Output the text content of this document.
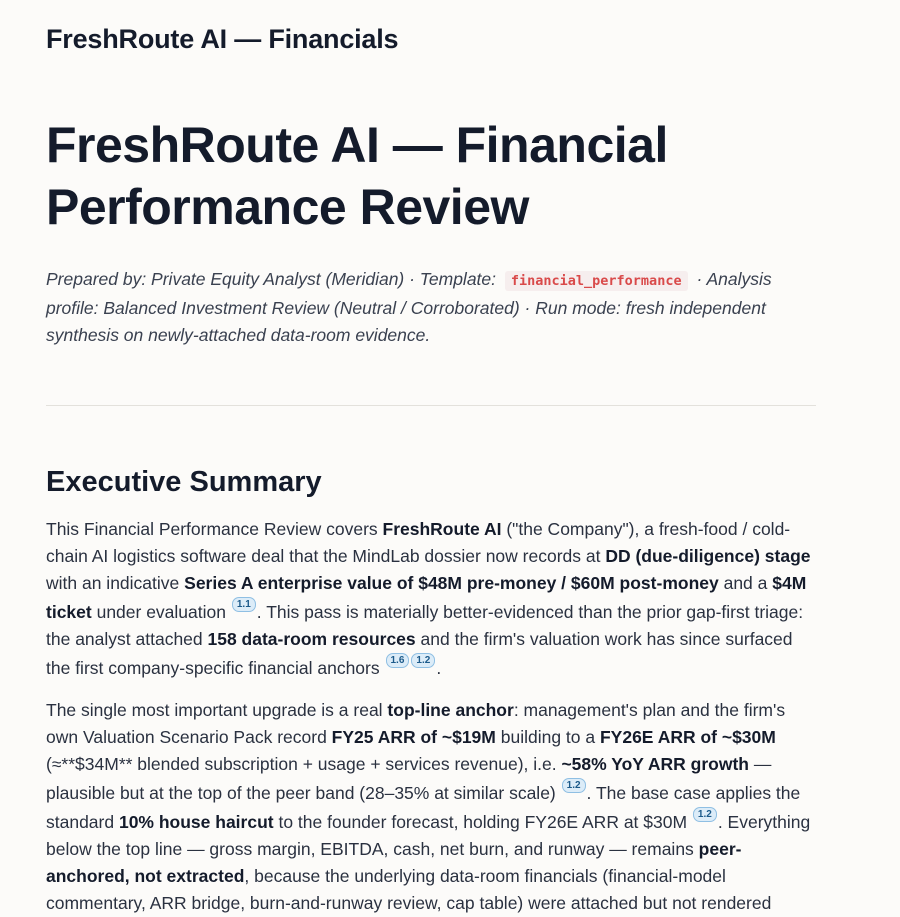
FreshRoute AI — Financials
FreshRoute AI — Financial Performance Review

Prepared by: Private Equity Analyst (Meridian) · Template: financial_performance · Analysis profile: Balanced Investment Review (Neutral / Corroborated) · Run mode: fresh independent synthesis on newly-attached data-room evidence.

Executive Summary

This Financial Performance Review covers FreshRoute AI ("the Company"), a fresh-food / cold-chain AI logistics software deal that the MindLab dossier now records at DD (due-diligence) stage with an indicative Series A enterprise value of $48M pre-money / $60M post-money and a $4M ticket under evaluation 1.1 . This pass is materially better-evidenced than the prior gap-first triage: the analyst attached 158 data-room resources and the firm's valuation work has since surfaced the first company-specific financial anchors 1.6 1.2 .

The single most important upgrade is a real top-line anchor: management's plan and the firm's own Valuation Scenario Pack record FY25 ARR of ~$19M building to a FY26E ARR of ~$30M (≈**$34M** blended subscription + usage + services revenue), i.e. ~58% YoY ARR growth — plausible but at the top of the peer band (28–35% at similar scale) 1.2 . The base case applies the standard 10% house haircut to the founder forecast, holding FY26E ARR at $30M 1.2 . Everything below the top line — gross margin, EBITDA, cash, net burn, and runway — remains peer-anchored, not extracted, because the underlying data-room financials (financial-model commentary, ARR bridge, burn-and-runway review, cap table) were attached but not rendered
